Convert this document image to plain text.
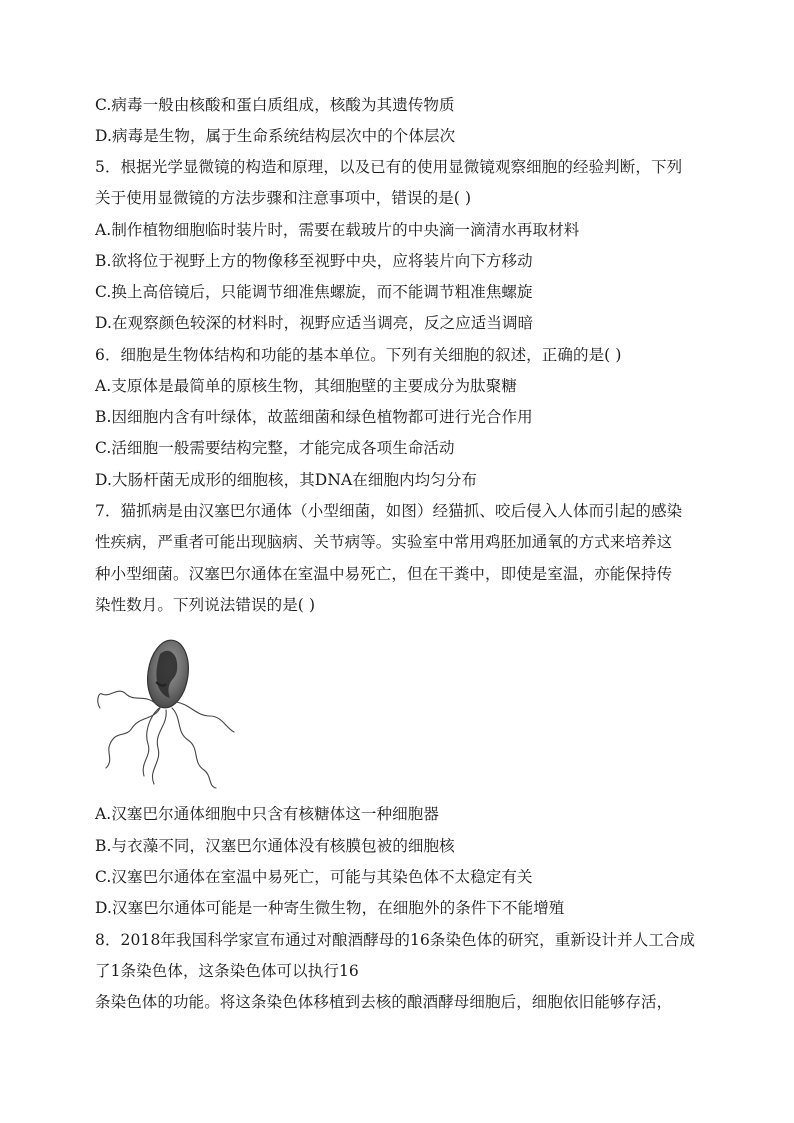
C.病毒一般由核酸和蛋白质组成，核酸为其遗传物质
D.病毒是生物，属于生命系统结构层次中的个体层次
5．根据光学显微镜的构造和原理，以及已有的使用显微镜观察细胞的经验判断，下列
关于使用显微镜的方法步骤和注意事项中，错误的是( )
A.制作植物细胞临时装片时，需要在载玻片的中央滴一滴清水再取材料
B.欲将位于视野上方的物像移至视野中央，应将装片向下方移动
C.换上高倍镜后，只能调节细准焦螺旋，而不能调节粗准焦螺旋
D.在观察颜色较深的材料时，视野应适当调亮，反之应适当调暗
6．细胞是生物体结构和功能的基本单位。下列有关细胞的叙述，正确的是( )
A.支原体是最简单的原核生物，其细胞壁的主要成分为肽聚糖
B.因细胞内含有叶绿体，故蓝细菌和绿色植物都可进行光合作用
C.活细胞一般需要结构完整，才能完成各项生命活动
D.大肠杆菌无成形的细胞核，其DNA在细胞内均匀分布
7．猫抓病是由汉塞巴尔通体（小型细菌，如图）经猫抓、咬后侵入人体而引起的感染
性疾病，严重者可能出现脑病、关节病等。实验室中常用鸡胚加通氧的方式来培养这
种小型细菌。汉塞巴尔通体在室温中易死亡，但在干粪中，即使是室温，亦能保持传
染性数月。下列说法错误的是( )
A.汉塞巴尔通体细胞中只含有核糖体这一种细胞器
B.与衣藻不同，汉塞巴尔通体没有核膜包被的细胞核
C.汉塞巴尔通体在室温中易死亡，可能与其染色体不太稳定有关
D.汉塞巴尔通体可能是一种寄生微生物，在细胞外的条件下不能增殖
8．2018年我国科学家宣布通过对酿酒酵母的16条染色体的研究，重新设计并人工合成
了1条染色体，这条染色体可以执行16
条染色体的功能。将这条染色体移植到去核的酿酒酵母细胞后，细胞依旧能够存活，
